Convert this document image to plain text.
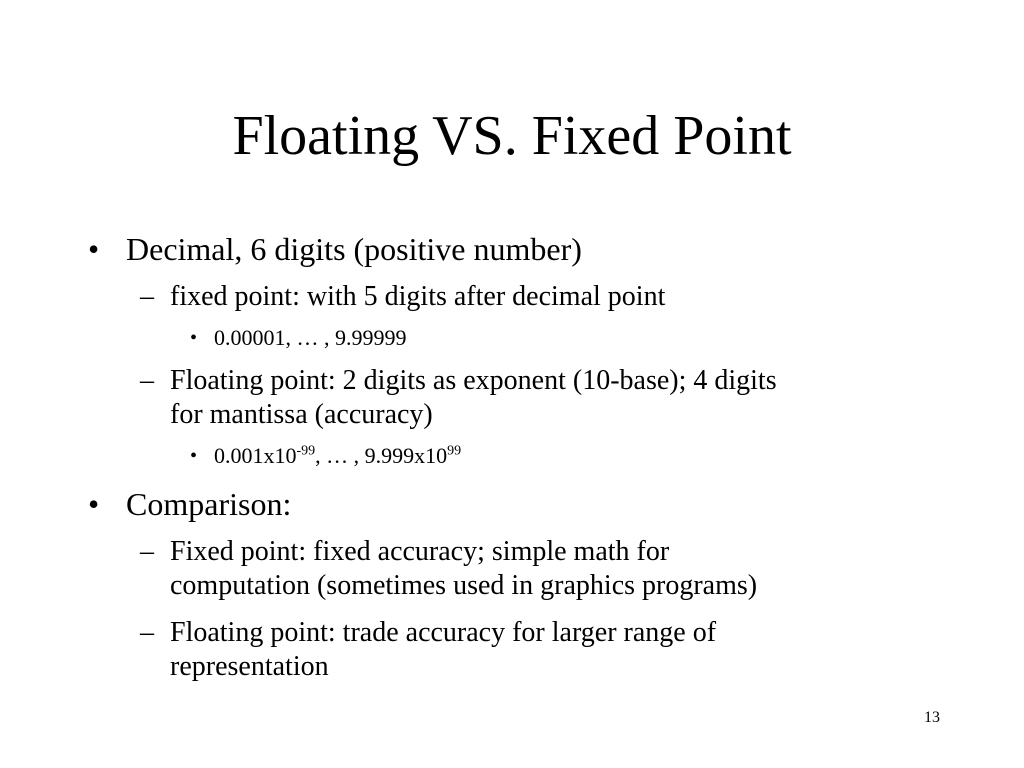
Floating VS. Fixed Point
• Decimal, 6 digits (positive number)
– fixed point: with 5 digits after decimal point
• 0.00001, … , 9.99999
– Floating point: 2 digits as exponent (10-base); 4 digits
for mantissa (accuracy)
• $0.001x10^{-99}$, … , $9.999x10^{99}$
• Comparison:
– Fixed point: fixed accuracy; simple math for
computation (sometimes used in graphics programs)
– Floating point: trade accuracy for larger range of
representation
13
